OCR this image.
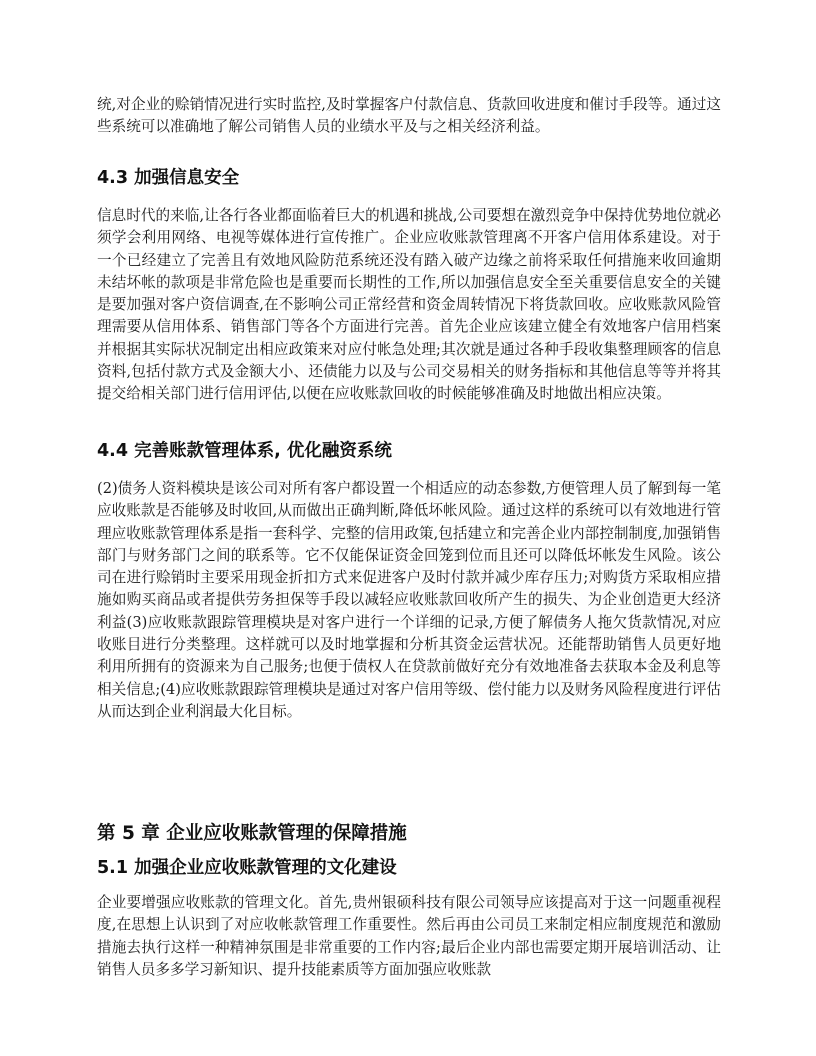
统,对企业的赊销情况进行实时监控,及时掌握客户付款信息、货款回收进度和催讨手段等。通过这些系统可以准确地了解公司销售人员的业绩水平及与之相关经济利益。

4.3 加强信息安全

信息时代的来临,让各行各业都面临着巨大的机遇和挑战,公司要想在激烈竞争中保持优势地位就必须学会利用网络、电视等媒体进行宣传推广。企业应收账款管理离不开客户信用体系建设。对于一个已经建立了完善且有效地风险防范系统还没有踏入破产边缘之前将采取任何措施来收回逾期未结坏帐的款项是非常危险也是重要而长期性的工作,所以加强信息安全至关重要信息安全的关键是要加强对客户资信调查,在不影响公司正常经营和资金周转情况下将货款回收。应收账款风险管理需要从信用体系、销售部门等各个方面进行完善。首先企业应该建立健全有效地客户信用档案并根据其实际状况制定出相应政策来对应付帐急处理;其次就是通过各种手段收集整理顾客的信息资料,包括付款方式及金额大小、还债能力以及与公司交易相关的财务指标和其他信息等等并将其提交给相关部门进行信用评估,以便在应收账款回收的时候能够准确及时地做出相应决策。

4.4 完善账款管理体系, 优化融资系统

(2)债务人资料模块是该公司对所有客户都设置一个相适应的动态参数,方便管理人员了解到每一笔应收账款是否能够及时收回,从而做出正确判断,降低坏帐风险。通过这样的系统可以有效地进行管理应收账款管理体系是指一套科学、完整的信用政策,包括建立和完善企业内部控制制度,加强销售部门与财务部门之间的联系等。它不仅能保证资金回笼到位而且还可以降低坏帐发生风险。该公司在进行赊销时主要采用现金折扣方式来促进客户及时付款并减少库存压力;对购货方采取相应措施如购买商品或者提供劳务担保等手段以减轻应收账款回收所产生的损失、为企业创造更大经济利益(3)应收账款跟踪管理模块是对客户进行一个详细的记录,方便了解债务人拖欠货款情况,对应收账目进行分类整理。这样就可以及时地掌握和分析其资金运营状况。还能帮助销售人员更好地利用所拥有的资源来为自己服务;也便于债权人在贷款前做好充分有效地准备去获取本金及利息等相关信息;(4)应收账款跟踪管理模块是通过对客户信用等级、偿付能力以及财务风险程度进行评估从而达到企业利润最大化目标。

第 5 章 企业应收账款管理的保障措施
5.1 加强企业应收账款管理的文化建设

企业要增强应收账款的管理文化。首先,贵州银硕科技有限公司领导应该提高对于这一问题重视程度,在思想上认识到了对应收帐款管理工作重要性。然后再由公司员工来制定相应制度规范和激励措施去执行这样一种精神氛围是非常重要的工作内容;最后企业内部也需要定期开展培训活动、让销售人员多多学习新知识、提升技能素质等方面加强应收账款
